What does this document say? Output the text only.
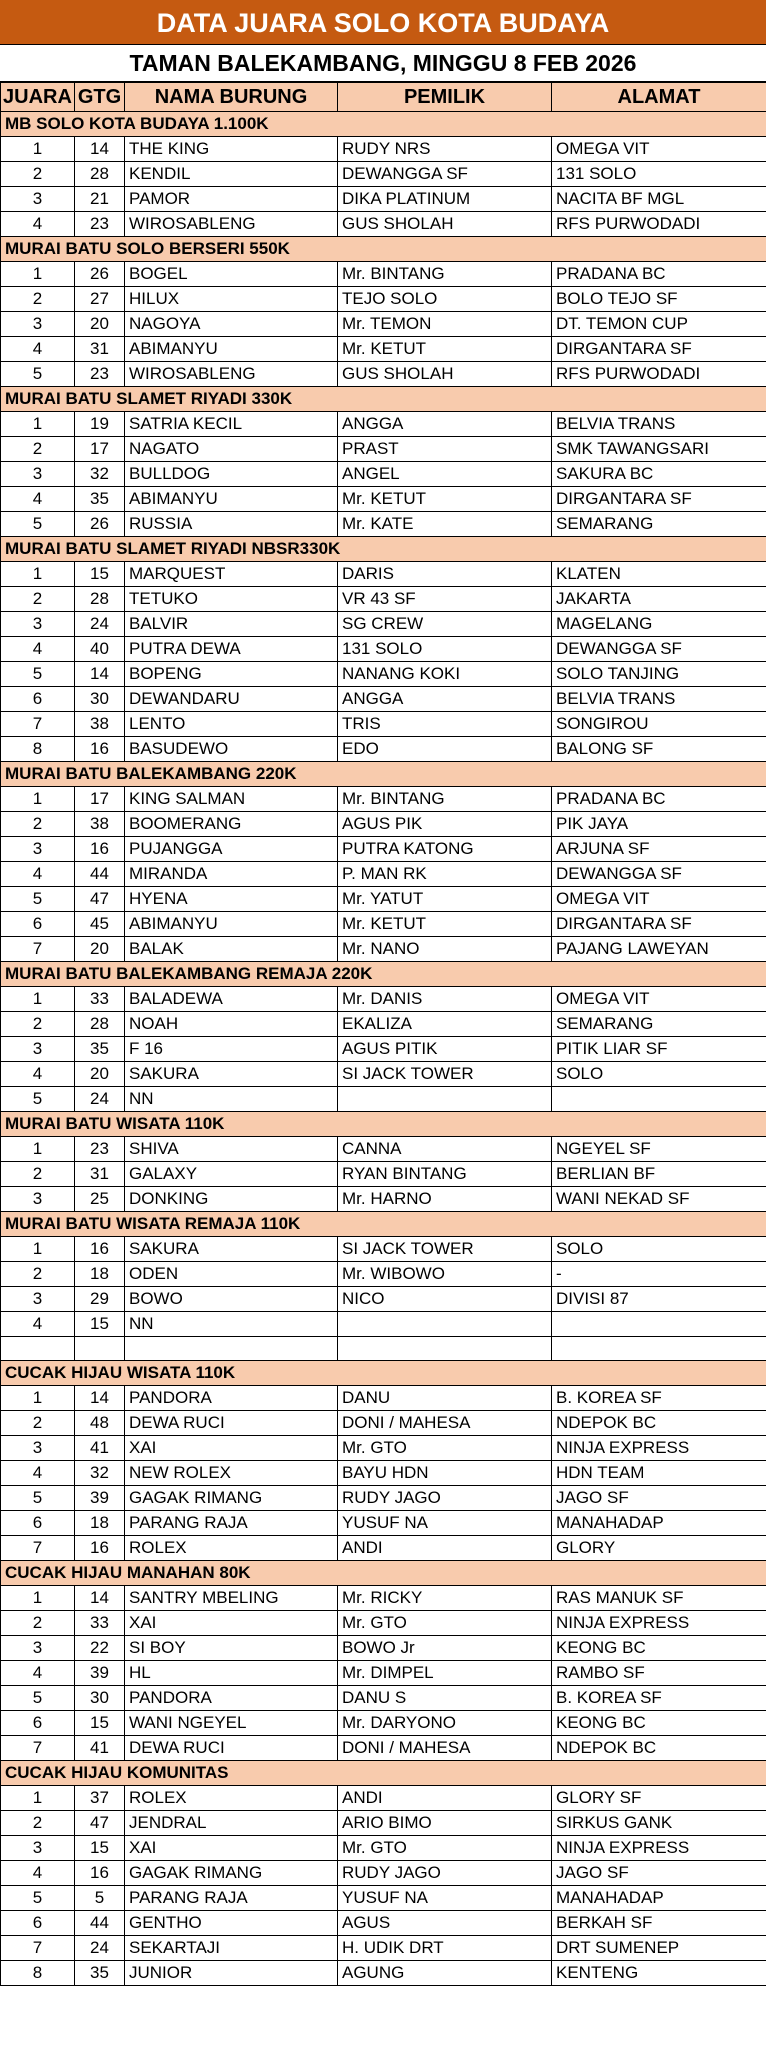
DATA JUARA SOLO KOTA BUDAYA
TAMAN BALEKAMBANG, MINGGU 8 FEB 2026
JUARA	GTG	NAMA BURUNG	PEMILIK	ALAMAT
MB SOLO KOTA BUDAYA 1.100K				
1	14	THE KING	RUDY NRS	OMEGA VIT
2	28	KENDIL	DEWANGGA SF	131 SOLO
3	21	PAMOR	DIKA PLATINUM	NACITA BF MGL
4	23	WIROSABLENG	GUS SHOLAH	RFS PURWODADI
MURAI BATU SOLO BERSERI 550K				
1	26	BOGEL	Mr. BINTANG	PRADANA BC
2	27	HILUX	TEJO SOLO	BOLO TEJO SF
3	20	NAGOYA	Mr. TEMON	DT. TEMON CUP
4	31	ABIMANYU	Mr. KETUT	DIRGANTARA SF
5	23	WIROSABLENG	GUS SHOLAH	RFS PURWODADI
MURAI BATU SLAMET RIYADI 330K				
1	19	SATRIA KECIL	ANGGA	BELVIA TRANS
2	17	NAGATO	PRAST	SMK TAWANGSARI
3	32	BULLDOG	ANGEL	SAKURA BC
4	35	ABIMANYU	Mr. KETUT	DIRGANTARA SF
5	26	RUSSIA	Mr. KATE	SEMARANG
MURAI BATU SLAMET RIYADI NBSR330K				
1	15	MARQUEST	DARIS	KLATEN
2	28	TETUKO	VR 43 SF	JAKARTA
3	24	BALVIR	SG CREW	MAGELANG
4	40	PUTRA DEWA	131 SOLO	DEWANGGA SF
5	14	BOPENG	NANANG KOKI	SOLO TANJING
6	30	DEWANDARU	ANGGA	BELVIA TRANS
7	38	LENTO	TRIS	SONGIROU
8	16	BASUDEWO	EDO	BALONG SF
MURAI BATU BALEKAMBANG 220K				
1	17	KING SALMAN	Mr. BINTANG	PRADANA BC
2	38	BOOMERANG	AGUS PIK	PIK JAYA
3	16	PUJANGGA	PUTRA KATONG	ARJUNA SF
4	44	MIRANDA	P. MAN RK	DEWANGGA SF
5	47	HYENA	Mr. YATUT	OMEGA VIT
6	45	ABIMANYU	Mr. KETUT	DIRGANTARA SF
7	20	BALAK	Mr. NANO	PAJANG LAWEYAN
MURAI BATU BALEKAMBANG REMAJA 220K				
1	33	BALADEWA	Mr. DANIS	OMEGA VIT
2	28	NOAH	EKALIZA	SEMARANG
3	35	F 16	AGUS PITIK	PITIK LIAR SF
4	20	SAKURA	SI JACK TOWER	SOLO
5	24	NN		
MURAI BATU WISATA 110K				
1	23	SHIVA	CANNA	NGEYEL SF
2	31	GALAXY	RYAN BINTANG	BERLIAN BF
3	25	DONKING	Mr. HARNO	WANI NEKAD SF
MURAI BATU WISATA REMAJA 110K				
1	16	SAKURA	SI JACK TOWER	SOLO
2	18	ODEN	Mr. WIBOWO	-
3	29	BOWO	NICO	DIVISI 87
4	15	NN		

CUCAK HIJAU WISATA 110K				
1	14	PANDORA	DANU	B. KOREA SF
2	48	DEWA RUCI	DONI / MAHESA	NDEPOK BC
3	41	XAI	Mr. GTO	NINJA EXPRESS
4	32	NEW ROLEX	BAYU HDN	HDN TEAM
5	39	GAGAK RIMANG	RUDY JAGO	JAGO SF
6	18	PARANG RAJA	YUSUF NA	MANAHADAP
7	16	ROLEX	ANDI	GLORY
CUCAK HIJAU MANAHAN 80K				
1	14	SANTRY MBELING	Mr. RICKY	RAS MANUK SF
2	33	XAI	Mr. GTO	NINJA EXPRESS
3	22	SI BOY	BOWO Jr	KEONG BC
4	39	HL	Mr. DIMPEL	RAMBO SF
5	30	PANDORA	DANU S	B. KOREA SF
6	15	WANI NGEYEL	Mr. DARYONO	KEONG BC
7	41	DEWA RUCI	DONI / MAHESA	NDEPOK BC
CUCAK HIJAU KOMUNITAS				
1	37	ROLEX	ANDI	GLORY SF
2	47	JENDRAL	ARIO BIMO	SIRKUS GANK
3	15	XAI	Mr. GTO	NINJA EXPRESS
4	16	GAGAK RIMANG	RUDY JAGO	JAGO SF
5	5	PARANG RAJA	YUSUF NA	MANAHADAP
6	44	GENTHO	AGUS	BERKAH SF
7	24	SEKARTAJI	H. UDIK DRT	DRT SUMENEP
8	35	JUNIOR	AGUNG	KENTENG
